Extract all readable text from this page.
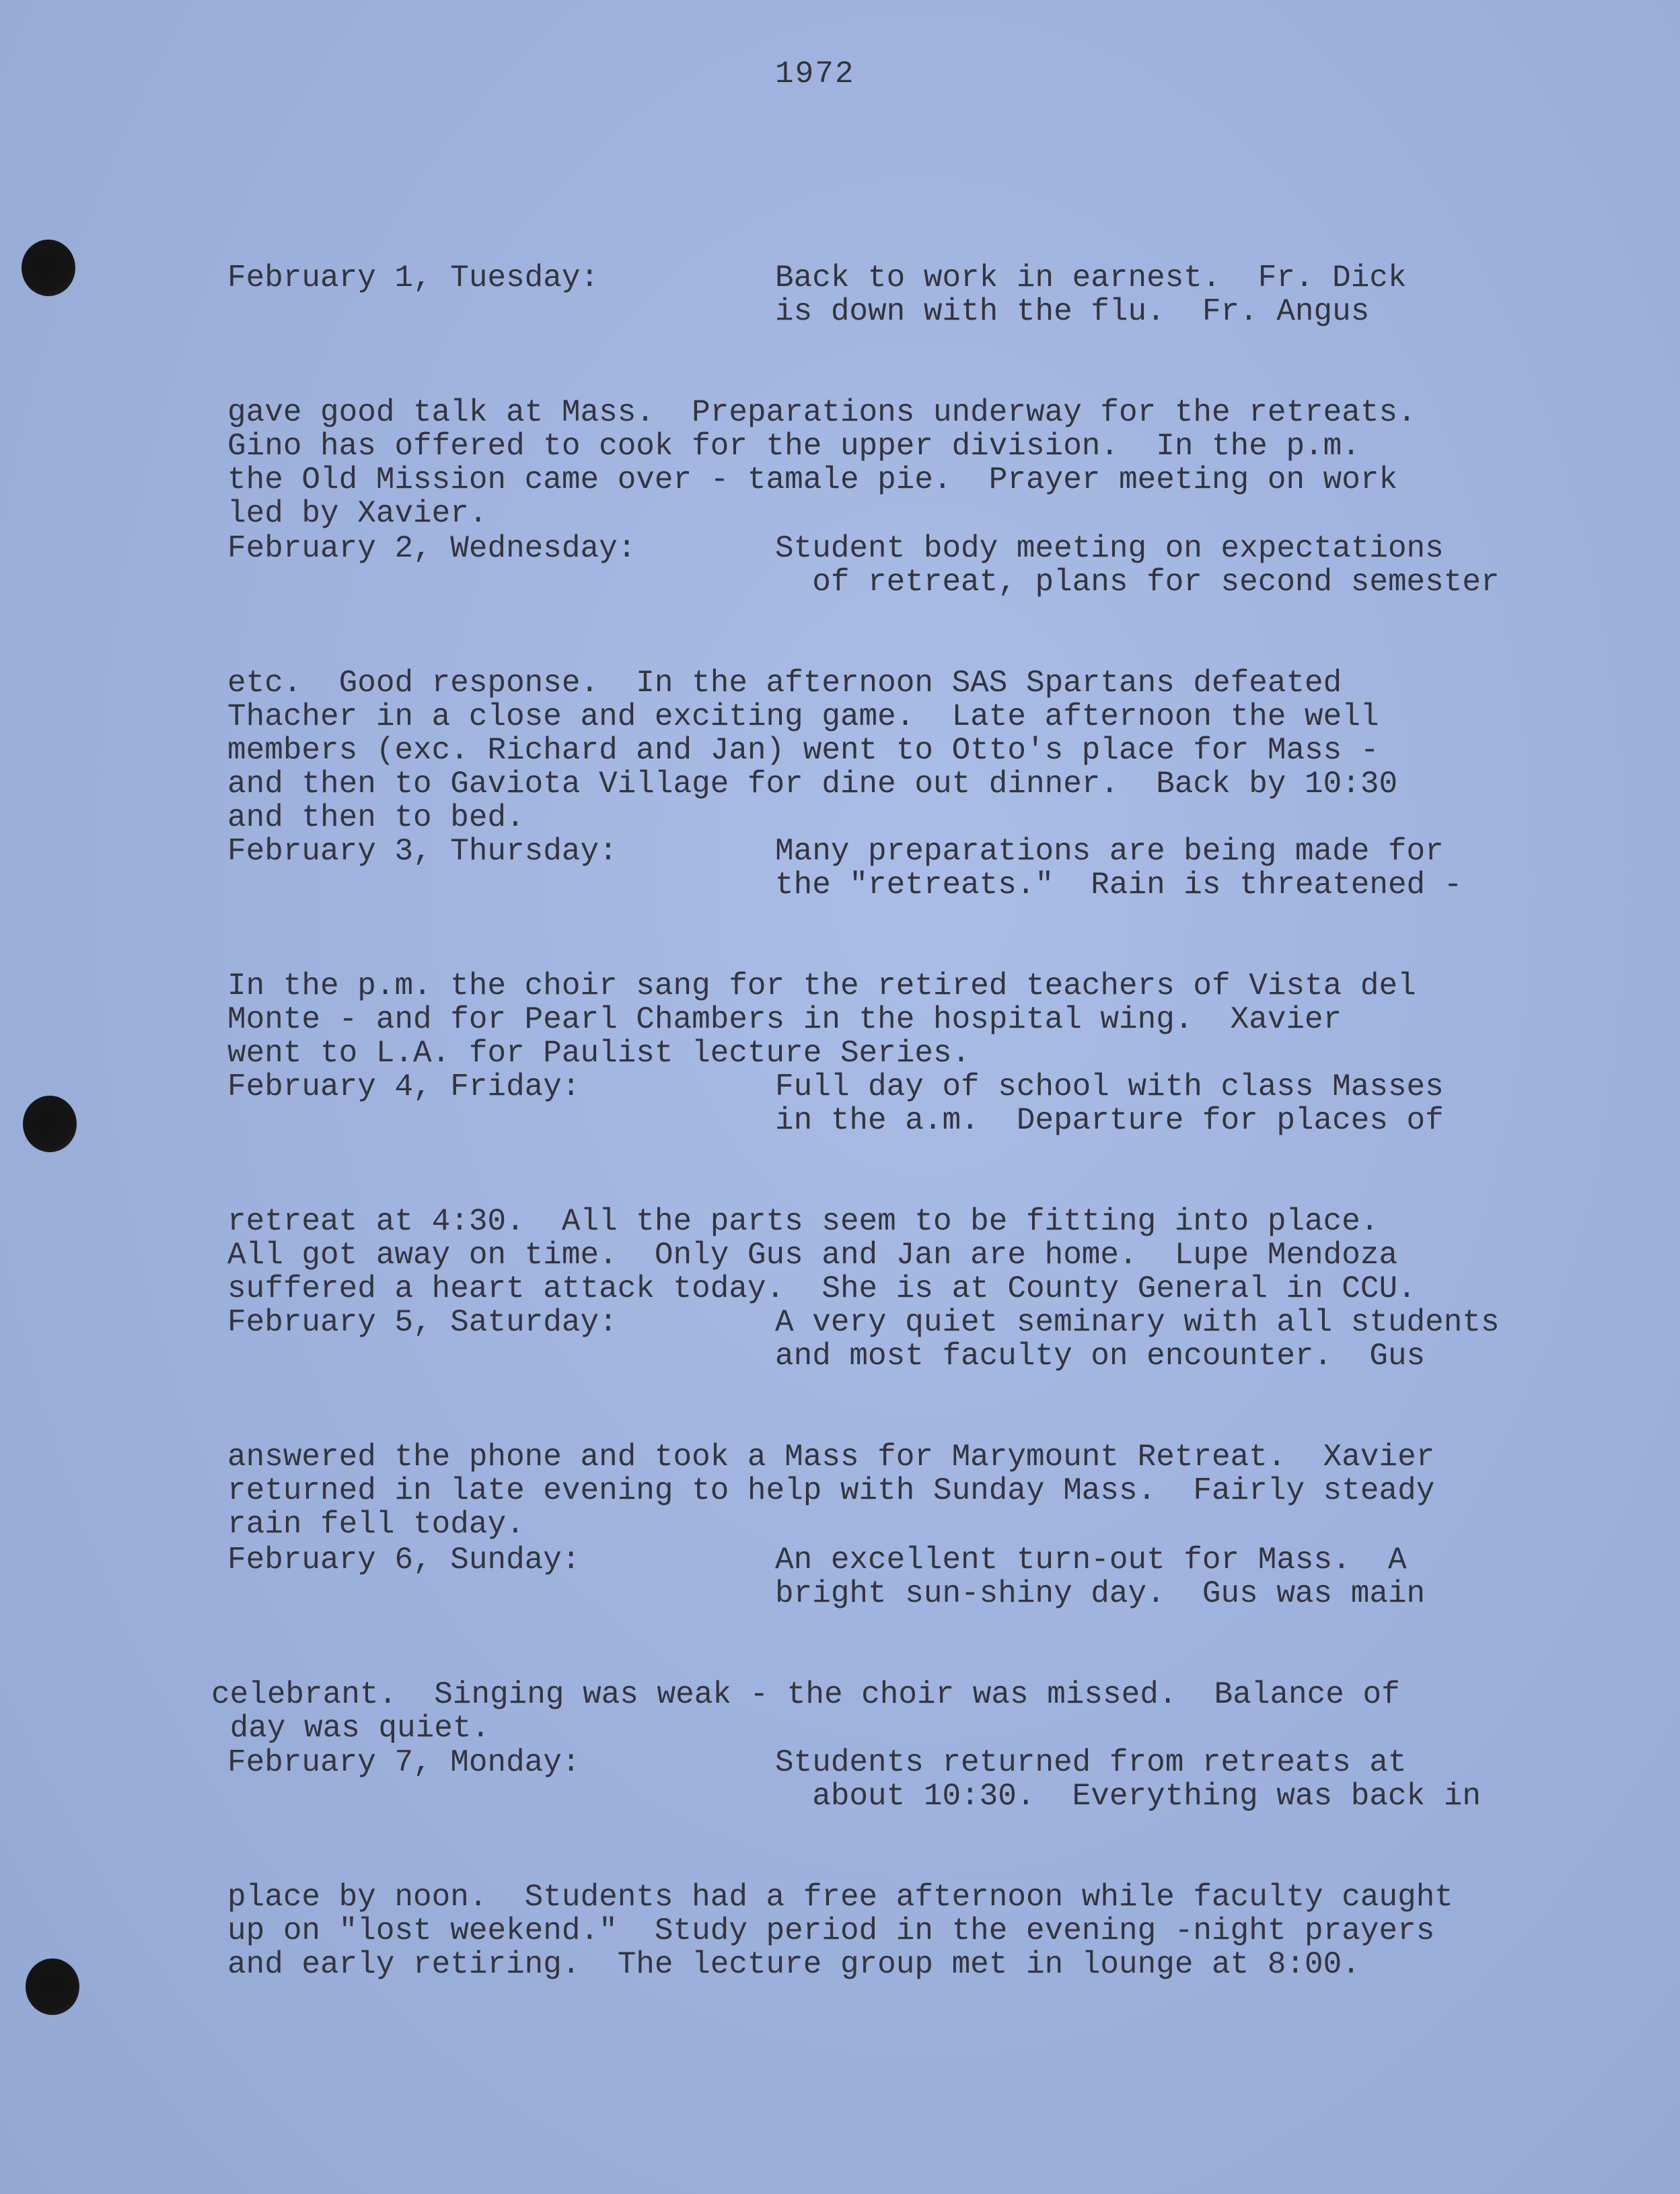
1972

February 1, Tuesday:

	Back to work in earnest.  Fr. Dick
is down with the flu.  Fr. Angus

gave good talk at Mass.  Preparations underway for the retreats.
Gino has offered to cook for the upper division.  In the p.m.
the Old Mission came over - tamale pie.  Prayer meeting on work
led by Xavier.

February 2, Wednesday:

	Student body meeting on expectations
of retreat, plans for second semester

etc.  Good response.  In the afternoon SAS Spartans defeated
Thacher in a close and exciting game.  Late afternoon the well
members (exc. Richard and Jan) went to Otto's place for Mass -
and then to Gaviota Village for dine out dinner.  Back by 10:30
and then to bed.

February 3, Thursday:

	Many preparations are being made for
the "retreats."  Rain is threatened -

In the p.m. the choir sang for the retired teachers of Vista del
Monte - and for Pearl Chambers in the hospital wing.  Xavier
went to L.A. for Paulist lecture Series.

February 4, Friday:

	Full day of school with class Masses
in the a.m.  Departure for places of

retreat at 4:30.  All the parts seem to be fitting into place.
All got away on time.  Only Gus and Jan are home.  Lupe Mendoza
suffered a heart attack today.  She is at County General in CCU.

February 5, Saturday:

	A very quiet seminary with all students
and most faculty on encounter.  Gus

answered the phone and took a Mass for Marymount Retreat.  Xavier
returned in late evening to help with Sunday Mass.  Fairly steady
rain fell today.

February 6, Sunday:

	An excellent turn-out for Mass.  A
bright sun-shiny day.  Gus was main

celebrant.  Singing was weak - the choir was missed.  Balance of
day was quiet.

February 7, Monday:

	Students returned from retreats at
about 10:30.  Everything was back in

place by noon.  Students had a free afternoon while faculty caught
up on "lost weekend."  Study period in the evening -night prayers
and early retiring.  The lecture group met in lounge at 8:00.
